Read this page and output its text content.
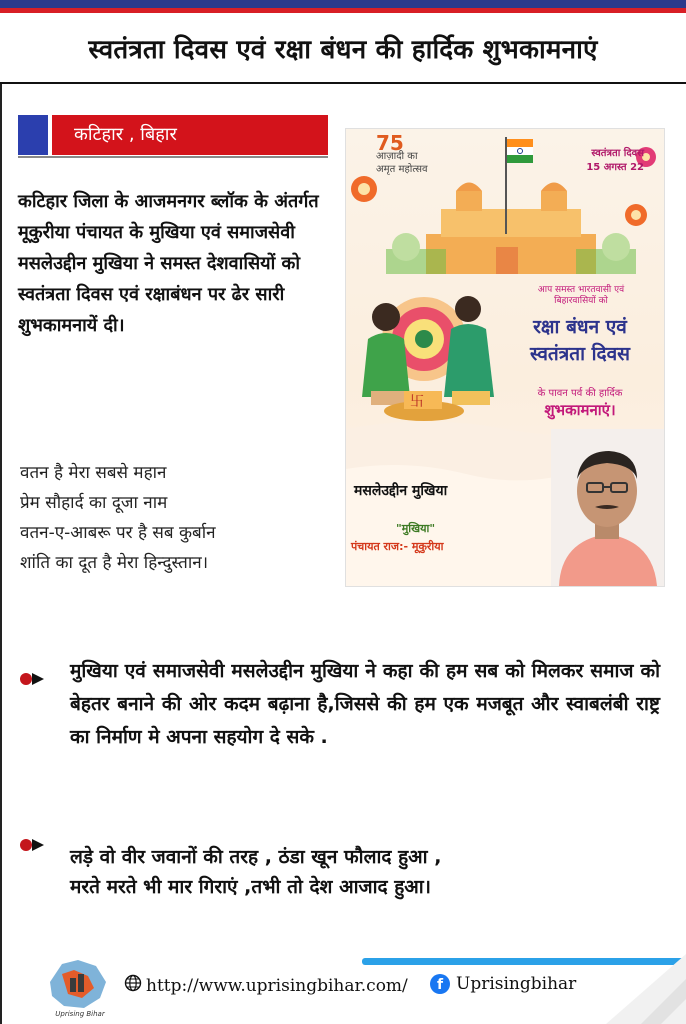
स्वतंत्रता दिवस एवं रक्षा बंधन की हार्दिक शुभकामनाएं
कटिहार , बिहार

कटिहार जिला के आजमनगर ब्लॉक के अंतर्गत मूकुरीया पंचायत के मुखिया एवं समाजसेवी मसलेउद्दीन मुखिया ने समस्त देशवासियों को स्वतंत्रता दिवस एवं रक्षाबंधन पर ढेर सारी शुभकामनायें दी।

वतन है मेरा सबसे महान
प्रेम सौहार्द का दूजा नाम
वतन-ए-आबरू पर है सब कुर्बान
शांति का दूत है मेरा हिन्दुस्तान।
卐
75
आज़ादी का
अमृत महोत्सव
स्वतंत्रता दिवस
15 अगस्त 22
आप समस्त भारतवासी एवं
बिहारवासियों को
रक्षा बंधन एवं
स्वतंत्रता दिवस
के पावन पर्व की हार्दिक
शुभकामनाएं।
मसलेउद्दीन मुखिया
"मुखिया"
पंचायत राज:- मूकुरीया

मुखिया एवं समाजसेवी मसलेउद्दीन मुखिया ने कहा की हम सब को मिलकर समाज को बेहतर बनाने की ओर कदम बढ़ाना है,जिससे की हम एक मजबूत और स्वाबलंबी राष्ट्र का निर्माण मे अपना सहयोग दे सके .

लड़े वो वीर जवानों की तरह , ठंडा खून फौलाद हुआ ,
मरते मरते भी मार गिराएं ,तभी तो देश आजाद हुआ।
Uprising Bihar
http://www.uprisingbihar.com/	f Uprisingbihar
